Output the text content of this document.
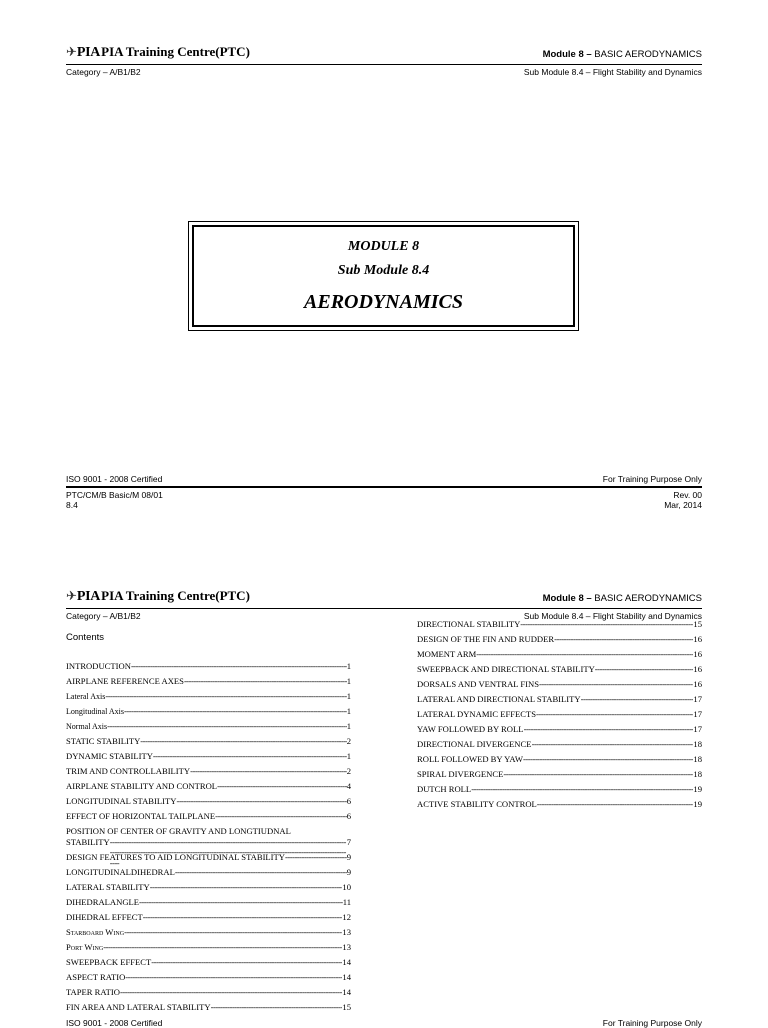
✈ PIA PIA Training Centre(PTC)	Module 8 – BASIC AERODYNAMICS
Category – A/B1/B2	Sub Module 8.4 – Flight Stability and Dynamics
MODULE 8
Sub Module 8.4
AERODYNAMICS
ISO 9001 - 2008 Certified	For Training Purpose Only
PTC/CM/B Basic/M 08/01
8.4
Rev. 00
Mar, 2014
✈ PIA PIA Training Centre(PTC)	Module 8 – BASIC AERODYNAMICS
Category – A/B1/B2	Sub Module 8.4 – Flight Stability and Dynamics
Contents
INTRODUCTION -----	1
AIRPLANE REFERENCE AXES -----	1
Lateral Axis -----	1
Longitudinal Axis -----	1
Normal Axis -----	1
STATIC STABILITY -----	2
DYNAMIC STABILITY -----	1
TRIM AND CONTROLLABILITY -----	2
AIRPLANE STABILITY AND CONTROL -----	4
LONGITUDINAL STABILITY -----	6
EFFECT OF HORIZONTAL TAILPLANE -----	6
POSITION OF CENTER OF GRAVITY AND LONGTIUDNAL
STABILITY -----	7
DESIGN FEATURES TO AID LONGITUDINAL STABILITY -----	9
LONGITUDINALDIHEDRAL -----	9
LATERAL STABILITY -----	10
DIHEDRALANGLE -----	11
DIHEDRAL EFFECT -----	12
Starboard Wing -----	13
Port Wing -----	13
SWEEPBACK EFFECT -----	14
ASPECT RATIO -----	14
TAPER RATIO -----	14
FIN AREA AND LATERAL STABILITY -----	15
DIRECTIONAL STABILITY -----	15
DESIGN OF THE FIN AND RUDDER -----	16
MOMENT ARM -----	16
SWEEPBACK AND DIRECTIONAL STABILITY -----	16
DORSALS AND VENTRAL FINS -----	16
LATERAL AND DIRECTIONAL STABILITY -----	17
LATERAL DYNAMIC EFFECTS -----	17
YAW FOLLOWED BY ROLL -----	17
DIRECTIONAL DIVERGENCE -----	18
ROLL FOLLOWED BY YAW -----	18
SPIRAL DIVERGENCE -----	18
DUTCH ROLL -----	19
ACTIVE STABILITY CONTROL -----	19
ISO 9001 - 2008 Certified	For Training Purpose Only
